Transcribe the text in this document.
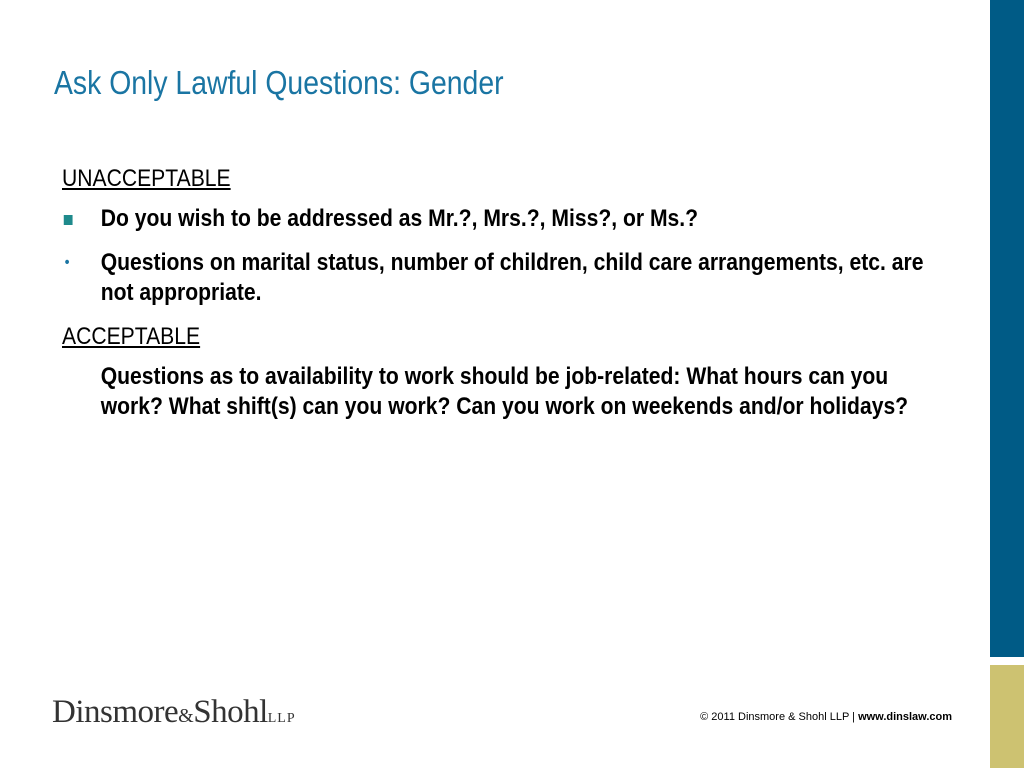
Ask Only Lawful Questions: Gender
UNACCEPTABLE
Do you wish to be addressed as Mr.?, Mrs.?, Miss?, or Ms.?
• Questions on marital status, number of children, child care arrangements, etc. are not appropriate.
ACCEPTABLE
Questions as to availability to work should be job-related: What hours can you work? What shift(s) can you work? Can you work on weekends and/or holidays?
Dinsmore&ShohlLLP	© 2011 Dinsmore & Shohl LLP | www.dinslaw.com
